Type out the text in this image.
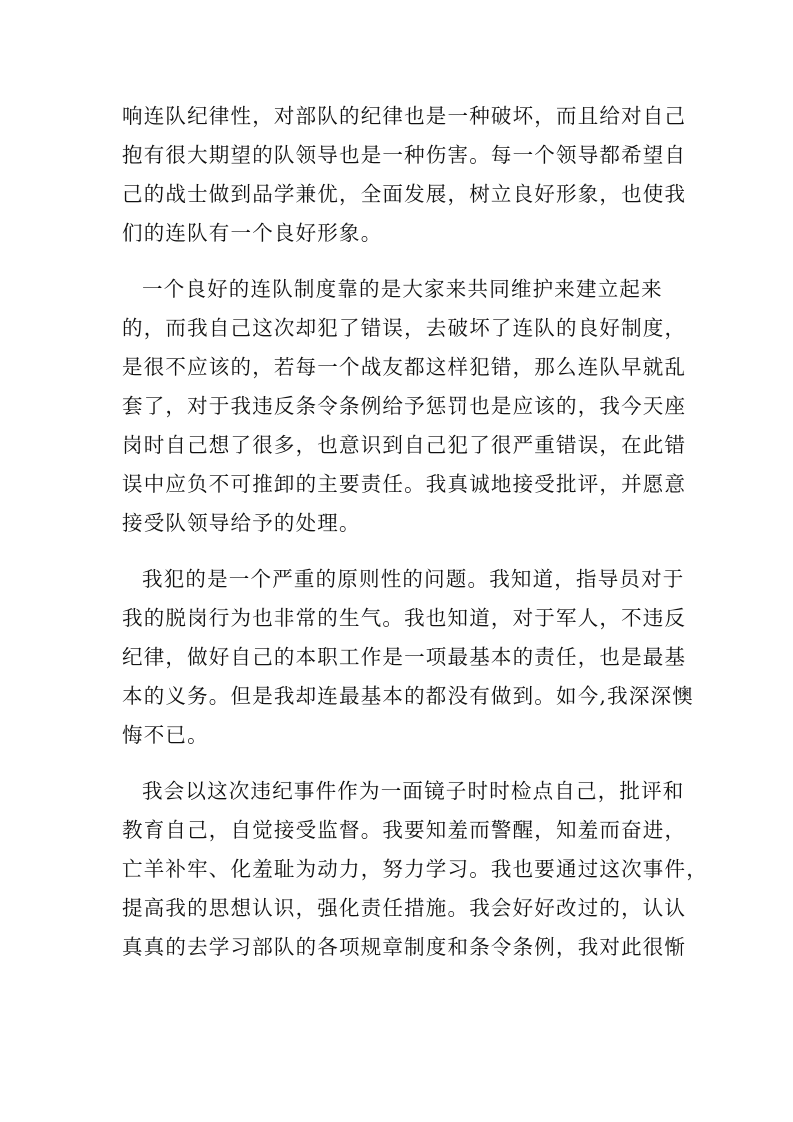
响连队纪律性，对部队的纪律也是一种破坏，而且给对自己
抱有很大期望的队领导也是一种伤害。每一个领导都希望自
己的战士做到品学兼优，全面发展，树立良好形象，也使我
们的连队有一个良好形象。
一个良好的连队制度靠的是大家来共同维护来建立起来
的，而我自己这次却犯了错误，去破坏了连队的良好制度，
是很不应该的，若每一个战友都这样犯错，那么连队早就乱
套了，对于我违反条令条例给予惩罚也是应该的，我今天座
岗时自己想了很多，也意识到自己犯了很严重错误，在此错
误中应负不可推卸的主要责任。我真诚地接受批评，并愿意
接受队领导给予的处理。
我犯的是一个严重的原则性的问题。我知道，指导员对于
我的脱岗行为也非常的生气。我也知道，对于军人，不违反
纪律，做好自己的本职工作是一项最基本的责任，也是最基
本的义务。但是我却连最基本的都没有做到。如今,我深深懊
悔不已。
我会以这次违纪事件作为一面镜子时时检点自己，批评和
教育自己，自觉接受监督。我要知羞而警醒，知羞而奋进，
亡羊补牢、化羞耻为动力，努力学习。我也要通过这次事件，
提高我的思想认识，强化责任措施。我会好好改过的，认认
真真的去学习部队的各项规章制度和条令条例，我对此很惭
